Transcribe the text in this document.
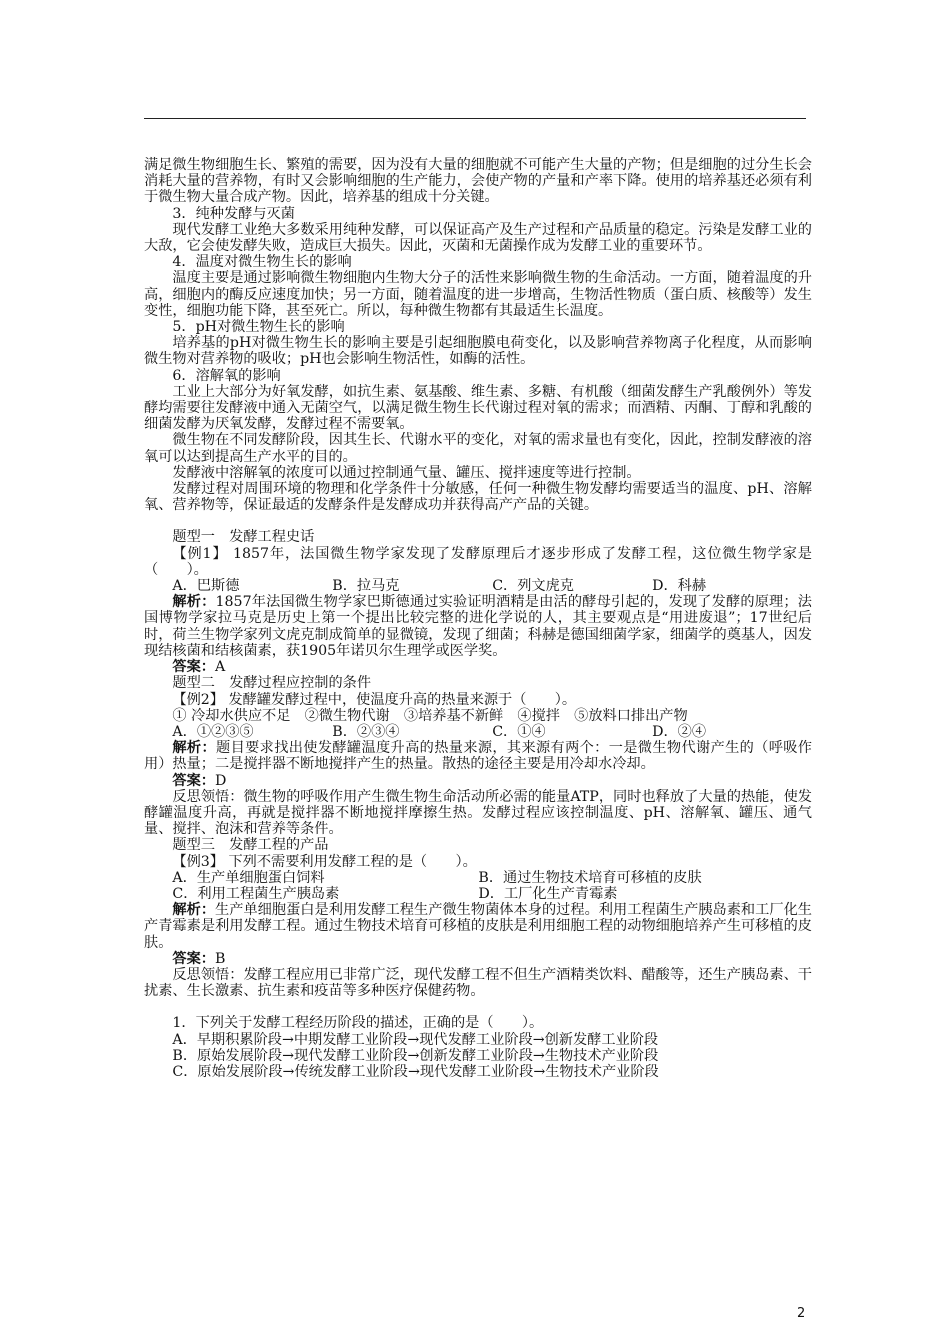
满足微生物细胞生长、繁殖的需要，因为没有大量的细胞就不可能产生大量的产物；但是细胞的过分生长会消耗大量的营养物，有时又会影响细胞的生产能力，会使产物的产量和产率下降。使用的培养基还必须有利于微生物大量合成产物。因此，培养基的组成十分关键。

3．纯种发酵与灭菌

现代发酵工业绝大多数采用纯种发酵，可以保证高产及生产过程和产品质量的稳定。污染是发酵工业的大敌，它会使发酵失败，造成巨大损失。因此，灭菌和无菌操作成为发酵工业的重要环节。

4．温度对微生物生长的影响

温度主要是通过影响微生物细胞内生物大分子的活性来影响微生物的生命活动。一方面，随着温度的升高，细胞内的酶反应速度加快；另一方面，随着温度的进一步增高，生物活性物质（蛋白质、核酸等）发生变性，细胞功能下降，甚至死亡。所以，每种微生物都有其最适生长温度。

5．pH对微生物生长的影响

培养基的pH对微生物生长的影响主要是引起细胞膜电荷变化，以及影响营养物离子化程度，从而影响微生物对营养物的吸收；pH也会影响生物活性，如酶的活性。

6．溶解氧的影响

工业上大部分为好氧发酵，如抗生素、氨基酸、维生素、多糖、有机酸（细菌发酵生产乳酸例外）等发酵均需要往发酵液中通入无菌空气，以满足微生物生长代谢过程对氧的需求；而酒精、丙酮、丁醇和乳酸的细菌发酵为厌氧发酵，发酵过程不需要氧。

微生物在不同发酵阶段，因其生长、代谢水平的变化，对氧的需求量也有变化，因此，控制发酵液的溶氧可以达到提高生产水平的目的。

发酵液中溶解氧的浓度可以通过控制通气量、罐压、搅拌速度等进行控制。

发酵过程对周围环境的物理和化学条件十分敏感，任何一种微生物发酵均需要适当的温度、pH、溶解氧、营养物等，保证最适的发酵条件是发酵成功并获得高产产品的关键。

题型一　发酵工程史话

【例1】 1857年，法国微生物学家发现了发酵原理后才逐步形成了发酵工程，这位微生物学家是（　　）。

A．巴斯德	B．拉马克	C．列文虎克	D．科赫

解析：1857年法国微生物学家巴斯德通过实验证明酒精是由活的酵母引起的，发现了发酵的原理；法国博物学家拉马克是历史上第一个提出比较完整的进化学说的人，其主要观点是“用进废退”；17世纪后时，荷兰生物学家列文虎克制成简单的显微镜，发现了细菌；科赫是德国细菌学家，细菌学的奠基人，因发现结核菌和结核菌素，获1905年诺贝尔生理学或医学奖。

答案：A

题型二　发酵过程应控制的条件

【例2】 发酵罐发酵过程中，使温度升高的热量来源于（　　）。

① 冷却水供应不足　②微生物代谢　③培养基不新鲜　④搅拌　⑤放料口排出产物

A．①②③⑤	B．②③④	C．①④	D．②④

解析：题目要求找出使发酵罐温度升高的热量来源，其来源有两个：一是微生物代谢产生的（呼吸作用）热量；二是搅拌器不断地搅拌产生的热量。散热的途径主要是用冷却水冷却。

答案：D

反思领悟：微生物的呼吸作用产生微生物生命活动所必需的能量ATP，同时也释放了大量的热能，使发酵罐温度升高，再就是搅拌器不断地搅拌摩擦生热。发酵过程应该控制温度、pH、溶解氧、罐压、通气量、搅拌、泡沫和营养等条件。

题型三　发酵工程的产品

【例3】 下列不需要利用发酵工程的是（　　）。

A．生产单细胞蛋白饲料	B．通过生物技术培育可移植的皮肤
C．利用工程菌生产胰岛素	D．工厂化生产青霉素

解析：生产单细胞蛋白是利用发酵工程生产微生物菌体本身的过程。利用工程菌生产胰岛素和工厂化生产青霉素是利用发酵工程。通过生物技术培育可移植的皮肤是利用细胞工程的动物细胞培养产生可移植的皮肤。

答案：B

反思领悟：发酵工程应用已非常广泛，现代发酵工程不但生产酒精类饮料、醋酸等，还生产胰岛素、干扰素、生长激素、抗生素和疫苗等多种医疗保健药物。

1．下列关于发酵工程经历阶段的描述，正确的是（　　）。

A．早期积累阶段→中期发酵工业阶段→现代发酵工业阶段→创新发酵工业阶段

B．原始发展阶段→现代发酵工业阶段→创新发酵工业阶段→生物技术产业阶段

C．原始发展阶段→传统发酵工业阶段→现代发酵工业阶段→生物技术产业阶段

2
